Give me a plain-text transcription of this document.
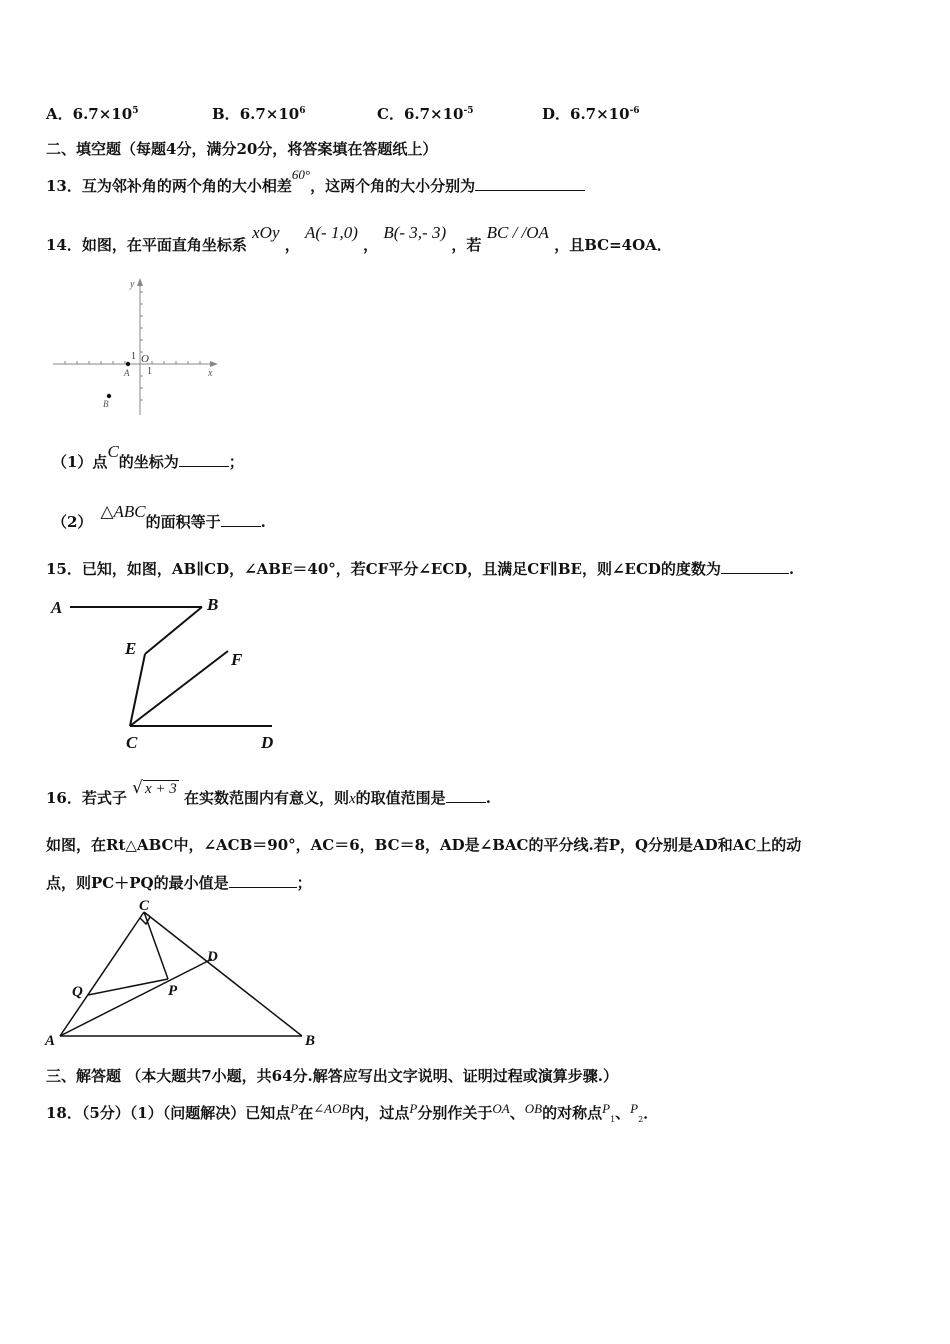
A．$6.7\times 10^5$	B．$6.7\times 10^6$	C．$6.7\times 10^{-5}$	D．$6.7\times 10^{-6}$
二、填空题（每题4分，满分20分，将答案填在答题纸上）
13．互为邻补角的两个角的大小相差60°，这两个角的大小分别为
14．如图，在平面直角坐标系 xOy ， A(- 1,0) ， B(- 3,- 3) ，若 BC / /OA ，且BC=4OA．
y
x
1
1
O
A
B
（1）点C的坐标为	；
（2）△ABC的面积等于	.
15．已知，如图，AB∥CD，∠ABE＝40°，若CF平分∠ECD，且满足CF∥BE，则∠ECD的度数为	.
A	B
E
F
C	D
16．若式子 √ x + 3 在实数范围内有意义，则x的取值范围是	.
如图，在Rt△ABC中，∠ACB＝90°，AC＝6，BC＝8，AD是∠BAC的平分线.若P，Q分别是AD和AC上的动
点，则PC＋PQ的最小值是	；
C
D
Q	P
A	B
三、解答题 （本大题共7小题，共64分.解答应写出文字说明、证明过程或演算步骤.）
18．（5分）（1）（问题解决）已知点P在∠AOB内，过点P分别作关于OA、OB的对称点$P_1$、$P_2$．
